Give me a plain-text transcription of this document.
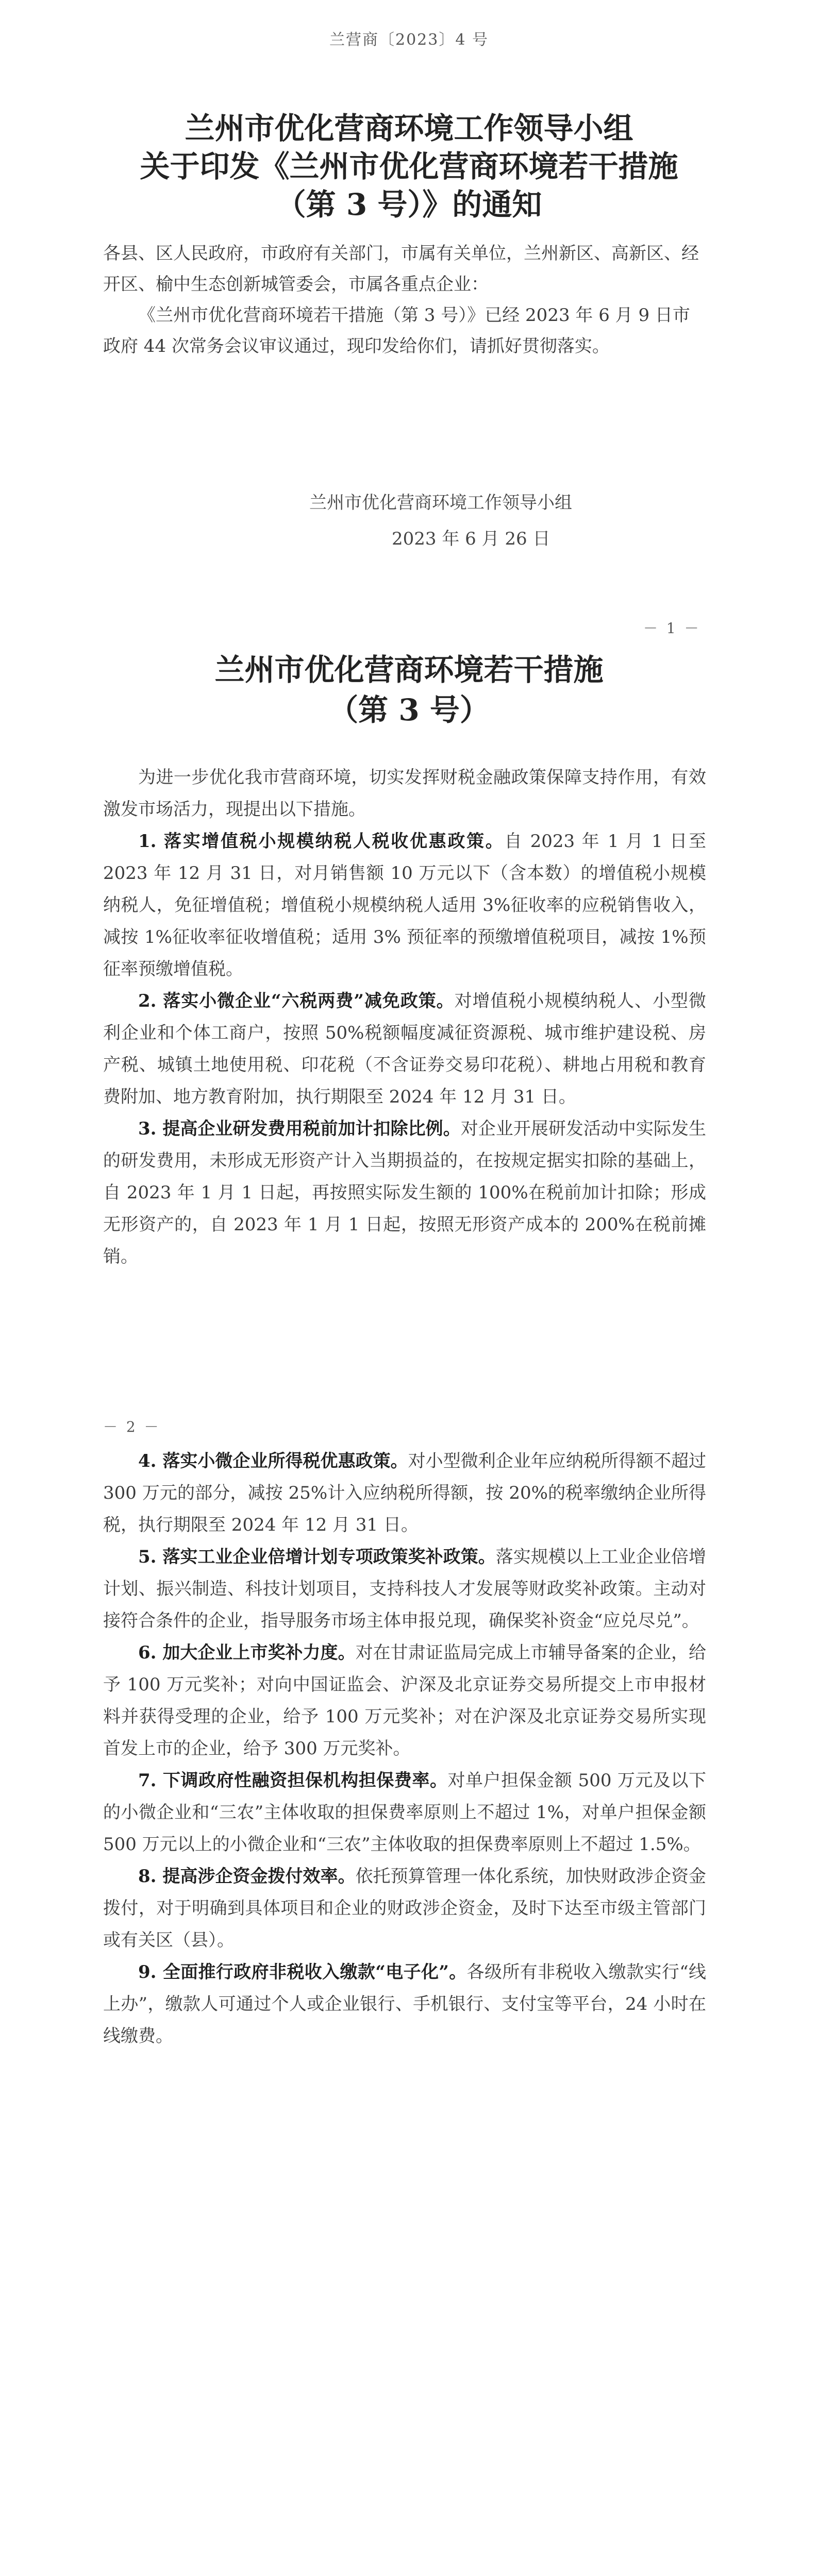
兰营商〔2023〕4 号
兰州市优化营商环境工作领导小组
关于印发《兰州市优化营商环境若干措施
（第 3 号）》的通知

各县、区人民政府，市政府有关部门，市属有关单位，兰州新区、高新区、经开区、榆中生态创新城管委会，市属各重点企业：

《兰州市优化营商环境若干措施（第 3 号）》已经 2023 年 6 月 9 日市政府 44 次常务会议审议通过，现印发给你们，请抓好贯彻落实。

兰州市优化营商环境工作领导小组
2023 年 6 月 26 日
－ 1 －
兰州市优化营商环境若干措施
（第 3 号）

为进一步优化我市营商环境，切实发挥财税金融政策保障支持作用，有效激发市场活力，现提出以下措施。

1. 落实增值税小规模纳税人税收优惠政策。自 2023 年 1 月 1 日至 2023 年 12 月 31 日，对月销售额 10 万元以下（含本数）的增值税小规模纳税人，免征增值税；增值税小规模纳税人适用 3%征收率的应税销售收入，减按 1%征收率征收增值税；适用 3% 预征率的预缴增值税项目，减按 1%预征率预缴增值税。

2. 落实小微企业“六税两费”减免政策。对增值税小规模纳税人、小型微利企业和个体工商户，按照 50%税额幅度减征资源税、城市维护建设税、房产税、城镇土地使用税、印花税（不含证券交易印花税）、耕地占用税和教育费附加、地方教育附加，执行期限至 2024 年 12 月 31 日。

3. 提高企业研发费用税前加计扣除比例。对企业开展研发活动中实际发生的研发费用，未形成无形资产计入当期损益的，在按规定据实扣除的基础上，自 2023 年 1 月 1 日起，再按照实际发生额的 100%在税前加计扣除；形成无形资产的，自 2023 年 1 月 1 日起，按照无形资产成本的 200%在税前摊销。

－ 2 －

4. 落实小微企业所得税优惠政策。对小型微利企业年应纳税所得额不超过 300 万元的部分，减按 25%计入应纳税所得额，按 20%的税率缴纳企业所得税，执行期限至 2024 年 12 月 31 日。

5. 落实工业企业倍增计划专项政策奖补政策。落实规模以上工业企业倍增计划、振兴制造、科技计划项目，支持科技人才发展等财政奖补政策。主动对接符合条件的企业，指导服务市场主体申报兑现，确保奖补资金“应兑尽兑”。

6. 加大企业上市奖补力度。对在甘肃证监局完成上市辅导备案的企业，给予 100 万元奖补；对向中国证监会、沪深及北京证券交易所提交上市申报材料并获得受理的企业，给予 100 万元奖补；对在沪深及北京证券交易所实现首发上市的企业，给予 300 万元奖补。

7. 下调政府性融资担保机构担保费率。对单户担保金额 500 万元及以下的小微企业和“三农”主体收取的担保费率原则上不超过 1%，对单户担保金额 500 万元以上的小微企业和“三农”主体收取的担保费率原则上不超过 1.5%。

8. 提高涉企资金拨付效率。依托预算管理一体化系统，加快财政涉企资金拨付，对于明确到具体项目和企业的财政涉企资金，及时下达至市级主管部门或有关区（县）。

9. 全面推行政府非税收入缴款“电子化”。各级所有非税收入缴款实行“线上办”，缴款人可通过个人或企业银行、手机银行、支付宝等平台，24 小时在线缴费。
